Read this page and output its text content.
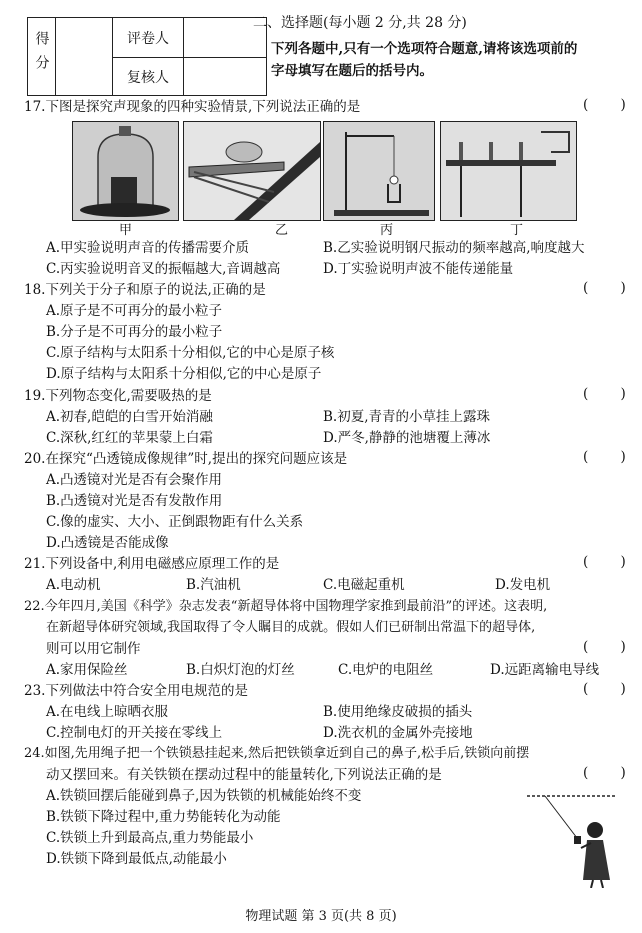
得分		评卷人	
		复核人	
二、选择题(每小题 2 分,共 28 分)
下列各题中,只有一个选项符合题意,请将该选项前的
字母填写在题后的括号内。
17.下图是探究声现象的四种实验情景,下列说法正确的是	( )
甲	乙	丙	丁
A.甲实验说明声音的传播需要介质	B.乙实验说明钢尺振动的频率越高,响度越大
C.丙实验说明音叉的振幅越大,音调越高	D.丁实验说明声波不能传递能量
18.下列关于分子和原子的说法,正确的是	( )
A.原子是不可再分的最小粒子
B.分子是不可再分的最小粒子
C.原子结构与太阳系十分相似,它的中心是原子核
D.原子结构与太阳系十分相似,它的中心是原子
19.下列物态变化,需要吸热的是	( )
A.初春,皑皑的白雪开始消融	B.初夏,青青的小草挂上露珠
C.深秋,红红的苹果蒙上白霜	D.严冬,静静的池塘覆上薄冰
20.在探究“凸透镜成像规律”时,提出的探究问题应该是	( )
A.凸透镜对光是否有会聚作用
B.凸透镜对光是否有发散作用
C.像的虚实、大小、正倒跟物距有什么关系
D.凸透镜是否能成像
21.下列设备中,利用电磁感应原理工作的是	( )
A.电动机	B.汽油机	C.电磁起重机	D.发电机
22.今年四月,美国《科学》杂志发表“新超导体将中国物理学家推到最前沿”的评述。这表明,
在新超导体研究领域,我国取得了令人瞩目的成就。假如人们已研制出常温下的超导体,
则可以用它制作	( )
A.家用保险丝	B.白炽灯泡的灯丝	C.电炉的电阻丝	D.远距离输电导线
23.下列做法中符合安全用电规范的是	( )
A.在电线上晾晒衣服	B.使用绝缘皮破损的插头
C.控制电灯的开关接在零线上	D.洗衣机的金属外壳接地
24.如图,先用绳子把一个铁锁悬挂起来,然后把铁锁拿近到自己的鼻子,松手后,铁锁向前摆
动又摆回来。有关铁锁在摆动过程中的能量转化,下列说法正确的是	( )
A.铁锁回摆后能碰到鼻子,因为铁锁的机械能始终不变
B.铁锁下降过程中,重力势能转化为动能
C.铁锁上升到最高点,重力势能最小
D.铁锁下降到最低点,动能最小
物理试题 第 3 页(共 8 页)
